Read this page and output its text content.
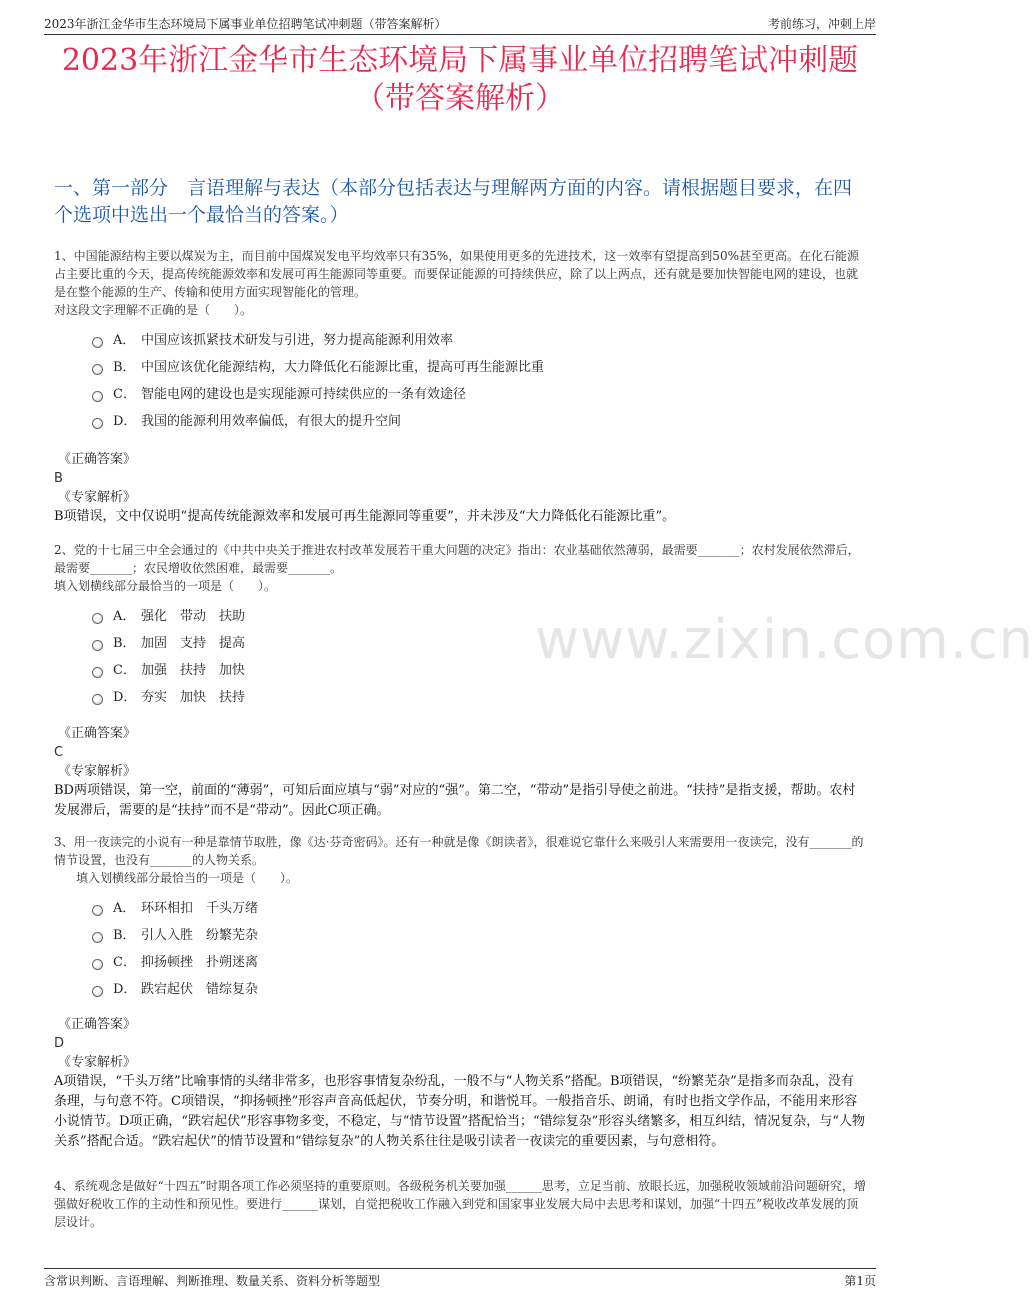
2023年浙江金华市生态环境局下属事业单位招聘笔试冲刺题（带答案解析）	考前练习，冲刺上岸
2023年浙江金华市生态环境局下属事业单位招聘笔试冲刺题
（带答案解析）
一、第一部分　言语理解与表达（本部分包括表达与理解两方面的内容。请根据题目要求，在四个选项中选出一个最恰当的答案。）
www.zixin.com.cn

1、中国能源结构主要以煤炭为主，而目前中国煤炭发电平均效率只有35%，如果使用更多的先进技术，这一效率有望提高到50%甚至更高。在化石能源占主要比重的今天，提高传统能源效率和发展可再生能源同等重要。而要保证能源的可持续供应，除了以上两点，还有就是要加快智能电网的建设，也就是在整个能源的生产、传输和使用方面实现智能化的管理。

对这段文字理解不正确的是（　　）。

A． 中国应该抓紧技术研发与引进，努力提高能源利用效率
B． 中国应该优化能源结构，大力降低化石能源比重，提高可再生能源比重
C． 智能电网的建设也是实现能源可持续供应的一条有效途径
D． 我国的能源利用效率偏低，有很大的提升空间

《正确答案》

B

《专家解析》

B项错误，文中仅说明“提高传统能源效率和发展可再生能源同等重要”，并未涉及“大力降低化石能源比重”。

2、党的十七届三中全会通过的《中共中央关于推进农村改革发展若干重大问题的决定》指出：农业基础依然薄弱，最需要_______；农村发展依然滞后，最需要_______；农民增收依然困难，最需要_______。

填入划横线部分最恰当的一项是（　　）。

A． 强化　带动　扶助
B． 加固　支持　提高
C． 加强　扶持　加快
D． 夯实　加快　扶持

《正确答案》

C

《专家解析》

BD两项错误，第一空，前面的“薄弱”，可知后面应填与“弱”对应的“强”。第二空，“带动”是指引导使之前进。“扶持”是指支援，帮助。农村发展滞后，需要的是“扶持”而不是“带动”。因此C项正确。

3、用一夜读完的小说有一种是靠情节取胜，像《达·芬奇密码》。还有一种就是像《朗读者》，很难说它靠什么来吸引人来需要用一夜读完，没有_______的情节设置，也没有_______的人物关系。

填入划横线部分最恰当的一项是（　　）。

A． 环环相扣　千头万绪
B． 引人入胜　纷繁芜杂
C． 抑扬顿挫　扑朔迷离
D． 跌宕起伏　错综复杂

《正确答案》

D

《专家解析》

A项错误，“千头万绪”比喻事情的头绪非常多，也形容事情复杂纷乱，一般不与“人物关系”搭配。B项错误，“纷繁芜杂”是指多而杂乱，没有条理，与句意不符。C项错误，“抑扬顿挫”形容声音高低起伏，节奏分明，和谐悦耳。一般指音乐、朗诵，有时也指文学作品，不能用来形容小说情节。D项正确，“跌宕起伏”形容事物多变，不稳定，与“情节设置”搭配恰当；“错综复杂”形容头绪繁多，相互纠结，情况复杂，与“人物关系”搭配合适。“跌宕起伏”的情节设置和“错综复杂”的人物关系往往是吸引读者一夜读完的重要因素，与句意相符。

4、系统观念是做好“十四五”时期各项工作必须坚持的重要原则。各级税务机关要加强______思考，立足当前、放眼长远，加强税收领域前沿问题研究，增强做好税收工作的主动性和预见性。要进行______谋划，自觉把税收工作融入到党和国家事业发展大局中去思考和谋划，加强“十四五”税收改革发展的顶层设计。

含常识判断、言语理解、判断推理、数量关系、资料分析等题型	第1页
